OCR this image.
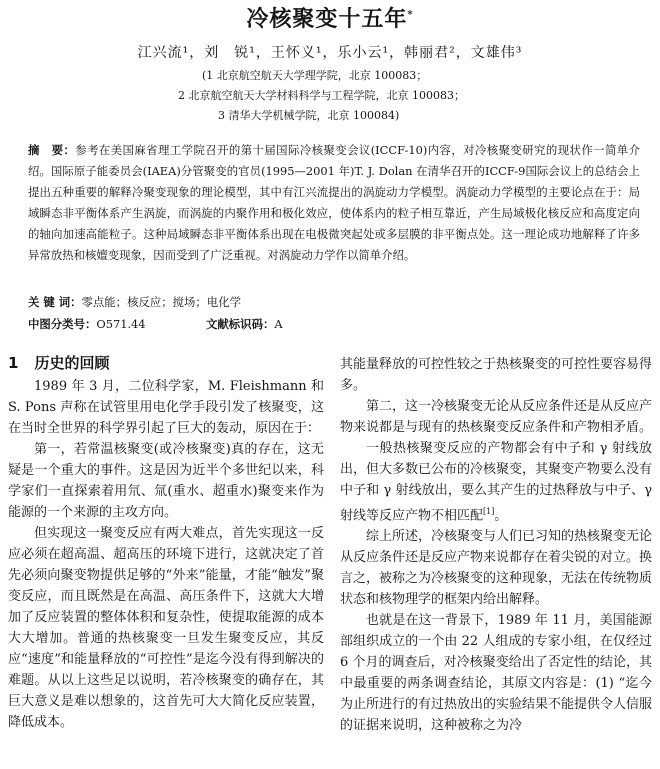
冷核聚变十五年*
江兴流¹，刘　锐¹，王怀义¹，乐小云¹，韩丽君²，文雄伟³
(1 北京航空航天大学理学院，北京 100083；
2 北京航空航天大学材料科学与工程学院，北京 100083；
3 清华大学机械学院，北京 100084)
摘　要：参考在美国麻省理工学院召开的第十届国际冷核聚变会议(ICCF-10)内容，对冷核聚变研究的现状作一简单介绍。国际原子能委员会(IAEA)分管聚变的官员(1995—2001 年)T. J. Dolan 在清华召开的ICCF-9国际会议上的总结会上提出五种重要的解释冷聚变现象的理论模型，其中有江兴流提出的涡旋动力学模型。涡旋动力学模型的主要论点在于：局域瞬态非平衡体系产生涡旋，而涡旋的内聚作用和极化效应，使体系内的粒子相互靠近，产生局域极化核反应和高度定向的轴向加速高能粒子。这种局域瞬态非平衡体系出现在电极微突起处或多层膜的非平衡点处。这一理论成功地解释了许多异常放热和核嬗变现象，因而受到了广泛重视。对涡旋动力学作以简单介绍。
关 键 词：零点能；核反应；搅场；电化学
中图分类号：O571.44	文献标识码：A
1 历史的回顾

1989 年 3 月，二位科学家，M. Fleishmann 和 S. Pons 声称在试管里用电化学手段引发了核聚变，这在当时全世界的科学界引起了巨大的轰动，原因在于：

第一，若常温核聚变(或冷核聚变)真的存在，这无疑是一个重大的事件。这是因为近半个多世纪以来，科学家们一直探索着用氘、氚(重水、超重水)聚变来作为能源的一个来源的主攻方向。

但实现这一聚变反应有两大难点，首先实现这一反应必须在超高温、超高压的环境下进行，这就决定了首先必须向聚变物提供足够的“外来”能量，才能“触发”聚变反应，而且既然是在高温、高压条件下，这就大大增加了反应装置的整体体积和复杂性，使提取能源的成本大大增加。普通的热核聚变一旦发生聚变反应，其反应“速度”和能量释放的“可控性”是迄今没有得到解决的难题。从以上这些足以说明，若冷核聚变的确存在，其巨大意义是难以想象的，这首先可大大简化反应装置，降低成本。

其能量释放的可控性较之于热核聚变的可控性要容易得多。

第二，这一冷核聚变无论从反应条件还是从反应产物来说都是与现有的热核聚变反应条件和产物相矛盾。

一般热核聚变反应的产物都会有中子和 γ 射线放出，但大多数已公布的冷核聚变，其聚变产物要么没有中子和 γ 射线放出，要么其产生的过热释放与中子、γ 射线等反应产物不相匹配[1]。

综上所述，冷核聚变与人们已习知的热核聚变无论从反应条件还是反应产物来说都存在着尖锐的对立。换言之，被称之为冷核聚变的这种现象，无法在传统物质状态和核物理学的框架内给出解释。

也就是在这一背景下，1989 年 11 月，美国能源部组织成立的一个由 22 人组成的专家小组，在仅经过 6 个月的调查后，对冷核聚变给出了否定性的结论，其中最重要的两条调查结论，其原文内容是：(1) “迄今为止所进行的有过热放出的实验结果不能提供令人信服的证据来说明，这种被称之为冷
